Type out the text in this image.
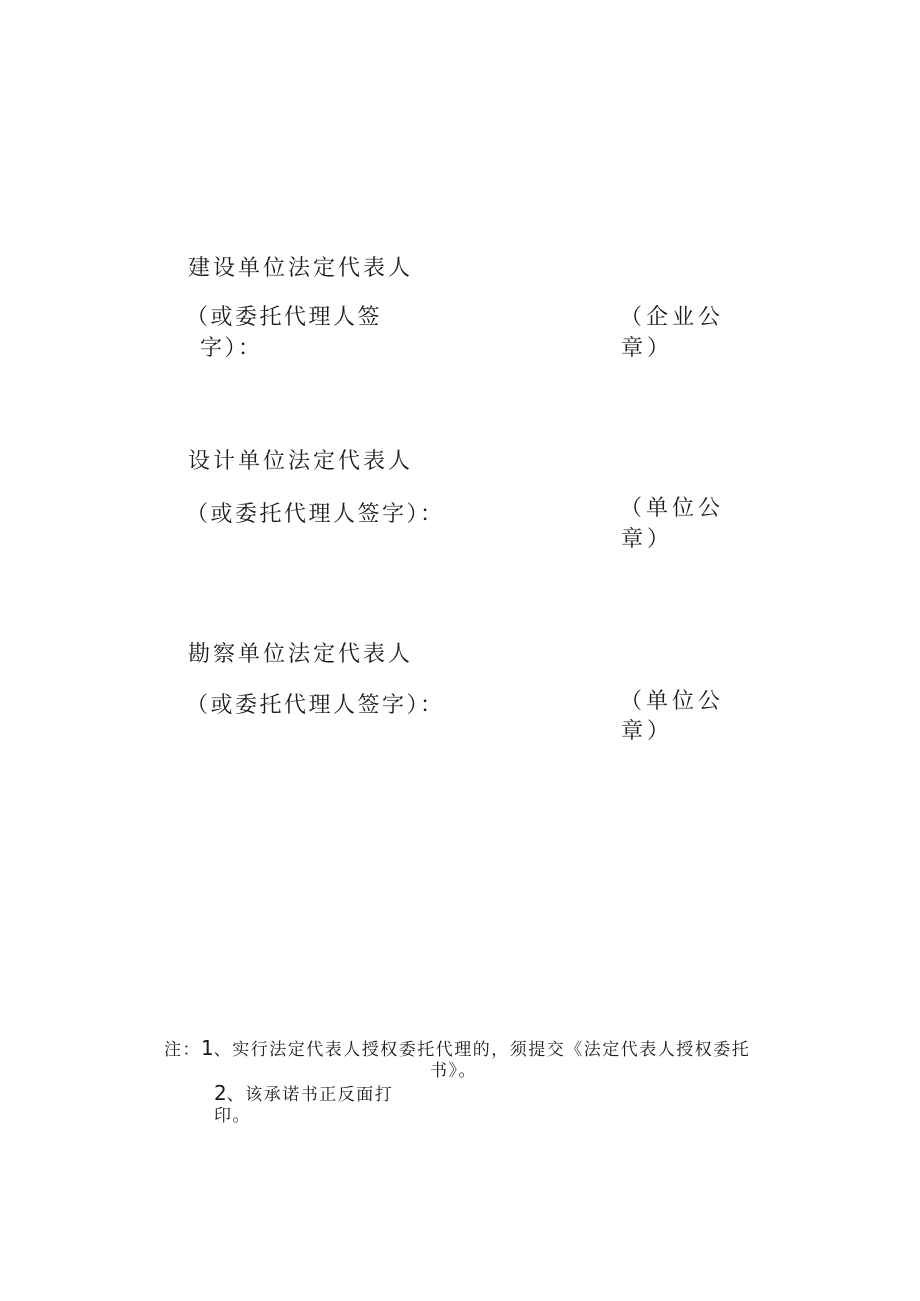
建设单位法定代表人
（或委托代理人签
字）：
（企业公
章）
设计单位法定代表人
（或委托代理人签字）：	（单位公
章）
勘察单位法定代表人
（或委托代理人签字）：	（单位公
章）
注：1、实行法定代表人授权委托代理的，须提交《法定代表人授权委托
书》。
2、该承诺书正反面打
印。
